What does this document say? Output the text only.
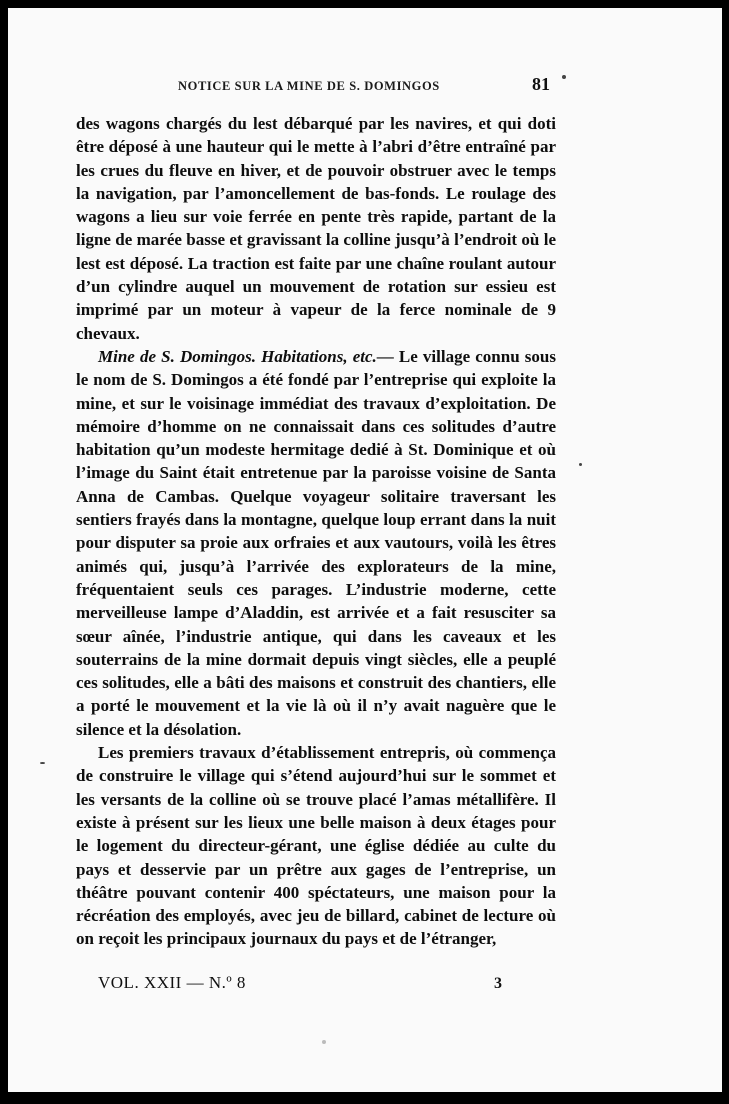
NOTICE SUR LA MINE DE S. DOMINGOS	81

des wagons chargés du lest débarqué par les navires, et qui doti être déposé à une hauteur qui le mette à l’abri d’être entraîné par les crues du fleuve en hiver, et de pouvoir obstruer avec le temps la navigation, par l’amoncellement de bas-fonds. Le roulage des wagons a lieu sur voie ferrée en pente très rapide, partant de la ligne de marée basse et gravissant la colline jusqu’à l’endroit où le lest est déposé. La traction est faite par une chaîne roulant autour d’un cylindre auquel un mouvement de rotation sur essieu est imprimé par un moteur à vapeur de la ferce nominale de 9 chevaux.

Mine de S. Domingos. Habitations, etc.— Le village connu sous le nom de S. Domingos a été fondé par l’entreprise qui exploite la mine, et sur le voisinage immédiat des travaux d’exploitation. De mémoire d’homme on ne connaissait dans ces solitudes d’autre habitation qu’un modeste hermitage dedié à St. Dominique et où l’image du Saint était entretenue par la paroisse voisine de Santa Anna de Cambas. Quelque voyageur solitaire traversant les sentiers frayés dans la montagne, quelque loup errant dans la nuit pour disputer sa proie aux orfraies et aux vautours, voilà les êtres animés qui, jusqu’à l’arrivée des explorateurs de la mine, fréquentaient seuls ces parages. L’industrie moderne, cette merveilleuse lampe d’Aladdin, est arrivée et a fait resusciter sa sœur aînée, l’industrie antique, qui dans les caveaux et les souterrains de la mine dormait depuis vingt siècles, elle a peuplé ces solitudes, elle a bâti des maisons et construit des chantiers, elle a porté le mouvement et la vie là où il n’y avait naguère que le silence et la désolation.

Les premiers travaux d’établissement entrepris, où commença de construire le village qui s’étend aujourd’hui sur le sommet et les versants de la colline où se trouve placé l’amas métallifère. Il existe à présent sur les lieux une belle maison à deux étages pour le logement du directeur-gérant, une église dédiée au culte du pays et desservie par un prêtre aux gages de l’entreprise, un théâtre pouvant contenir 400 spéctateurs, une maison pour la récréation des employés, avec jeu de billard, cabinet de lecture où on reçoit les principaux journaux du pays et de l’étranger,

VOL. XXII — N.º 8	3
